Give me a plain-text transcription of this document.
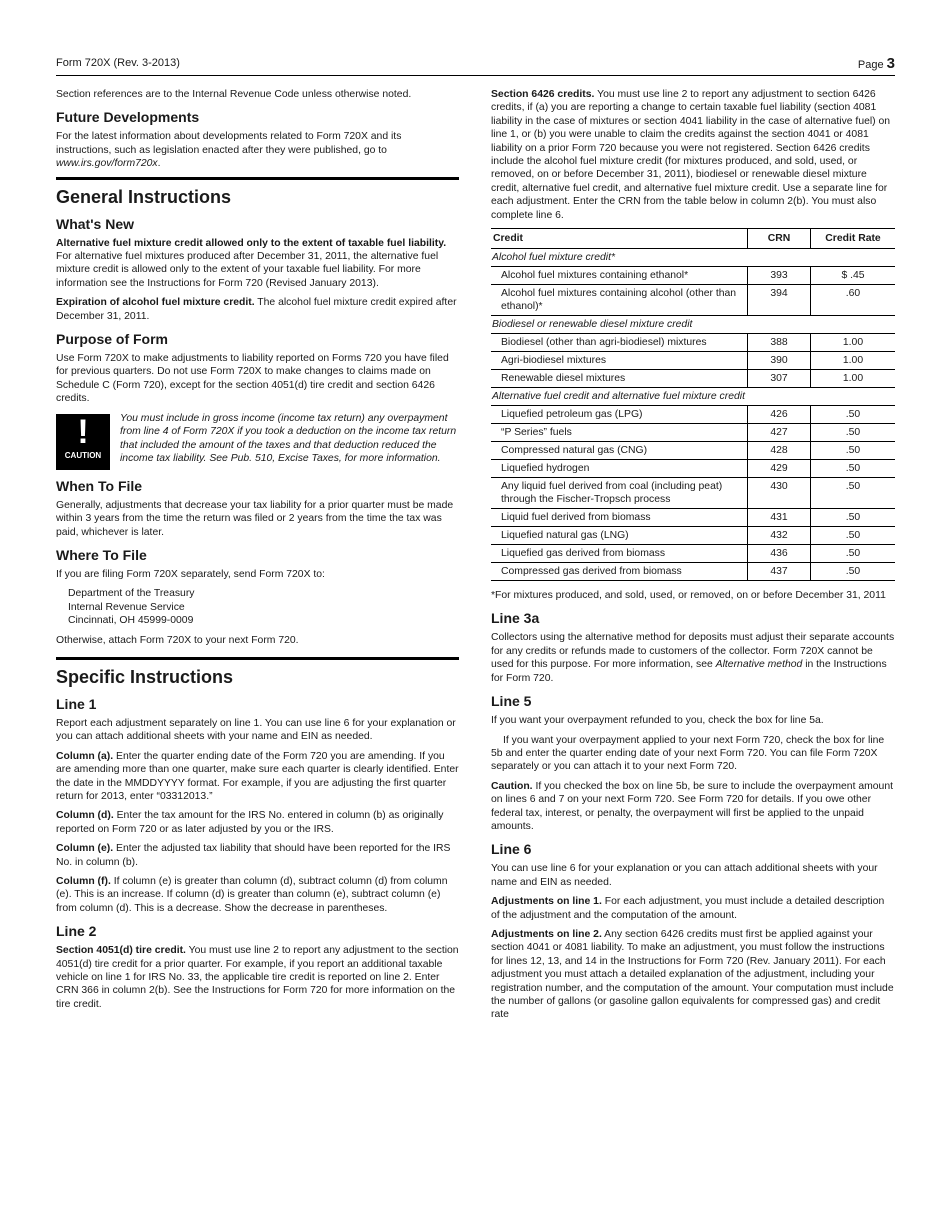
Form 720X (Rev. 3-2013)	Page 3

Section references are to the Internal Revenue Code unless otherwise noted.

Future Developments

For the latest information about developments related to Form 720X and its instructions, such as legislation enacted after they were published, go to www.irs.gov/form720x.

General Instructions
What's New

Alternative fuel mixture credit allowed only to the extent of taxable fuel liability. For alternative fuel mixtures produced after December 31, 2011, the alternative fuel mixture credit is allowed only to the extent of your taxable fuel liability. For more information see the Instructions for Form 720 (Revised January 2013).

Expiration of alcohol fuel mixture credit. The alcohol fuel mixture credit expired after December 31, 2011.

Purpose of Form

Use Form 720X to make adjustments to liability reported on Forms 720 you have filed for previous quarters. Do not use Form 720X to make changes to claims made on Schedule C (Form 720), except for the section 4051(d) tire credit and section 6426 credits.

!
CAUTION
You must include in gross income (income tax return) any overpayment from line 4 of Form 720X if you took a deduction on the income tax return that included the amount of the taxes and that deduction reduced the income tax liability. See Pub. 510, Excise Taxes, for more information.
When To File

Generally, adjustments that decrease your tax liability for a prior quarter must be made within 3 years from the time the return was filed or 2 years from the time the tax was paid, whichever is later.

Where To File

If you are filing Form 720X separately, send Form 720X to:

Department of the Treasury
Internal Revenue Service
Cincinnati, OH 45999-0009

Otherwise, attach Form 720X to your next Form 720.

Specific Instructions
Line 1

Report each adjustment separately on line 1. You can use line 6 for your explanation or you can attach additional sheets with your name and EIN as needed.

Column (a). Enter the quarter ending date of the Form 720 you are amending. If you are amending more than one quarter, make sure each quarter is clearly identified. Enter the date in the MMDDYYYY format. For example, if you are adjusting the first quarter return for 2013, enter “03312013.”

Column (d). Enter the tax amount for the IRS No. entered in column (b) as originally reported on Form 720 or as later adjusted by you or the IRS.

Column (e). Enter the adjusted tax liability that should have been reported for the IRS No. in column (b).

Column (f). If column (e) is greater than column (d), subtract column (d) from column (e). This is an increase. If column (d) is greater than column (e), subtract column (e) from column (d). This is a decrease. Show the decrease in parentheses.

Line 2

Section 4051(d) tire credit. You must use line 2 to report any adjustment to the section 4051(d) tire credit for a prior quarter. For example, if you report an additional taxable vehicle on line 1 for IRS No. 33, the applicable tire credit is reported on line 2. Enter CRN 366 in column 2(b). See the Instructions for Form 720 for more information on the tire credit.

Section 6426 credits. You must use line 2 to report any adjustment to section 6426 credits, if (a) you are reporting a change to certain taxable fuel liability (section 4081 liability in the case of mixtures or section 4041 liability in the case of alternative fuel) on line 1, or (b) you were unable to claim the credits against the section 4041 or 4081 liability on a prior Form 720 because you were not registered. Section 6426 credits include the alcohol fuel mixture credit (for mixtures produced, and sold, used, or removed, on or before December 31, 2011), biodiesel or renewable diesel mixture credit, alternative fuel credit, and alternative fuel mixture credit. Use a separate line for each adjustment. Enter the CRN from the table below in column 2(b). You must also complete line 6.

Credit	CRN	Credit Rate
Alcohol fuel mixture credit*		
Alcohol fuel mixtures containing ethanol*	393	$ .45
Alcohol fuel mixtures containing alcohol (other than ethanol)*	394	.60
Biodiesel or renewable diesel mixture credit		
Biodiesel (other than agri-biodiesel) mixtures	388	1.00
Agri-biodiesel mixtures	390	1.00
Renewable diesel mixtures	307	1.00
Alternative fuel credit and alternative fuel mixture credit		
Liquefied petroleum gas (LPG)	426	.50
“P Series” fuels	427	.50
Compressed natural gas (CNG)	428	.50
Liquefied hydrogen	429	.50
Any liquid fuel derived from coal (including peat) through the Fischer-Tropsch process	430	.50
Liquid fuel derived from biomass	431	.50
Liquefied natural gas (LNG)	432	.50
Liquefied gas derived from biomass	436	.50
Compressed gas derived from biomass	437	.50

*For mixtures produced, and sold, used, or removed, on or before December 31, 2011

Line 3a

Collectors using the alternative method for deposits must adjust their separate accounts for any credits or refunds made to customers of the collector. Form 720X cannot be used for this purpose. For more information, see Alternative method in the Instructions for Form 720.

Line 5

If you want your overpayment refunded to you, check the box for line 5a.

If you want your overpayment applied to your next Form 720, check the box for line 5b and enter the quarter ending date of your next Form 720. You can file Form 720X separately or you can attach it to your next Form 720.

Caution. If you checked the box on line 5b, be sure to include the overpayment amount on lines 6 and 7 on your next Form 720. See Form 720 for details. If you owe other federal tax, interest, or penalty, the overpayment will first be applied to the unpaid amounts.

Line 6

You can use line 6 for your explanation or you can attach additional sheets with your name and EIN as needed.

Adjustments on line 1. For each adjustment, you must include a detailed description of the adjustment and the computation of the amount.

Adjustments on line 2. Any section 6426 credits must first be applied against your section 4041 or 4081 liability. To make an adjustment, you must follow the instructions for lines 12, 13, and 14 in the Instructions for Form 720 (Rev. January 2011). For each adjustment you must attach a detailed explanation of the adjustment, including your registration number, and the computation of the amount. Your computation must include the number of gallons (or gasoline gallon equivalents for compressed gas) and credit rate
